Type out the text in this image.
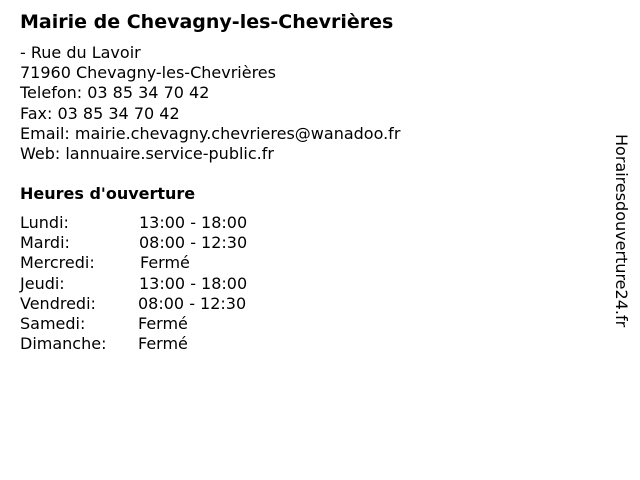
Mairie de Chevagny-les-Chevrières
- Rue du Lavoir
71960 Chevagny-les-Chevrières
Telefon: 03 85 34 70 42
Fax: 03 85 34 70 42
Email: mairie.chevagny.chevrieres@wanadoo.fr
Web: lannuaire.service-public.fr
Heures d'ouverture
Lundi:	13:00 - 18:00
Mardi:	08:00 - 12:30
Mercredi:	Fermé
Jeudi:	13:00 - 18:00
Vendredi:	08:00 - 12:30
Samedi:	Fermé
Dimanche: Fermé
Horairesdouverture24.fr
